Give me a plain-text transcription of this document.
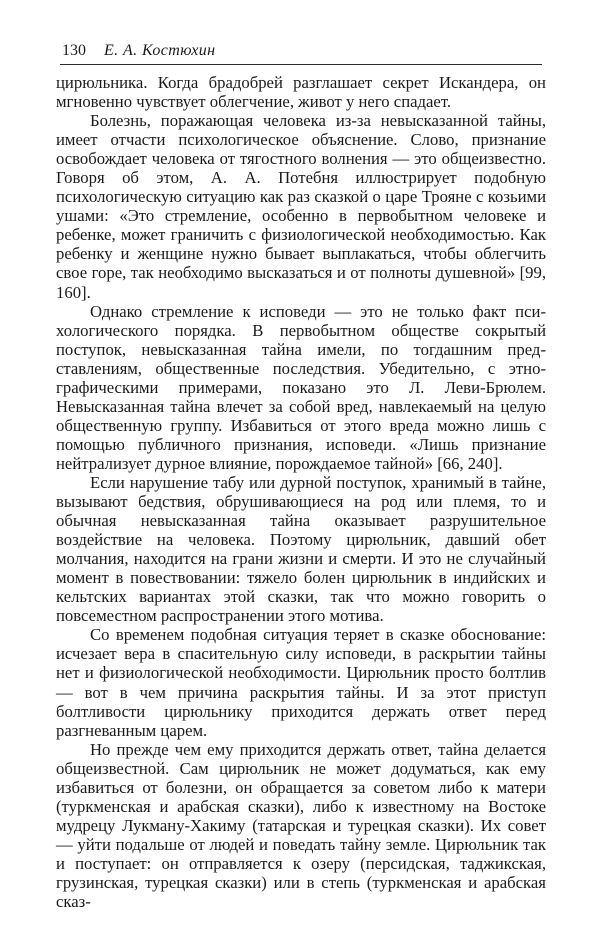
130 Е. А. Костюхин

цирюльника. Когда брадобрей разглашает секрет Искандера, он мгновенно чувствует облегчение, живот у него спадает.

Болезнь, поражающая человека из-за невысказанной тайны, имеет отчасти психологическое объяснение. Слово, признание освобождает человека от тягостного волнения — это общеизвестно. Говоря об этом, А. А. Потебня иллюстрирует подобную психологическую ситуацию как раз сказкой о царе Трояне с козьими ушами: «Это стремление, особенно в первобытном человеке и ребенке, может граничить с физиологической необходимостью. Как ребенку и женщине нужно бывает выплакаться, чтобы облегчить свое горе, так необходимо высказаться и от полноты душевной» [99, 160].

Однако стремление к исповеди — это не только факт психологического порядка. В первобытном обществе сокрытый поступок, невысказанная тайна имели, по тогдашним представлениям, общественные последствия. Убедительно, с этнографическими примерами, показано это Л. Леви-Брюлем. Невысказанная тайна влечет за собой вред, навлекаемый на целую общественную группу. Избавиться от этого вреда можно лишь с помощью публичного признания, исповеди. «Лишь признание нейтрализует дурное влияние, порождаемое тайной» [66, 240].

Если нарушение табу или дурной поступок, хранимый в тайне, вызывают бедствия, обрушивающиеся на род или племя, то и обычная невысказанная тайна оказывает разрушительное воздействие на человека. Поэтому цирюльник, давший обет молчания, находится на грани жизни и смерти. И это не случайный момент в повествовании: тяжело болен цирюльник в индийских и кельтских вариантах этой сказки, так что можно говорить о повсеместном распространении этого мотива.

Со временем подобная ситуация теряет в сказке обоснование: исчезает вера в спасительную силу исповеди, в раскрытии тайны нет и физиологической необходимости. Цирюльник просто болтлив — вот в чем причина раскрытия тайны. И за этот приступ болтливости цирюльнику приходится держать ответ перед разгневанным царем.

Но прежде чем ему приходится держать ответ, тайна делается общеизвестной. Сам цирюльник не может додуматься, как ему избавиться от болезни, он обращается за советом либо к матери (туркменская и арабская сказки), либо к известному на Востоке мудрецу Лукману-Хакиму (татарская и турецкая сказки). Их совет — уйти подальше от людей и поведать тайну земле. Цирюльник так и поступает: он отправляется к озеру (персидская, таджикская, грузинская, турецкая сказки) или в степь (туркменская и арабская сказ-
